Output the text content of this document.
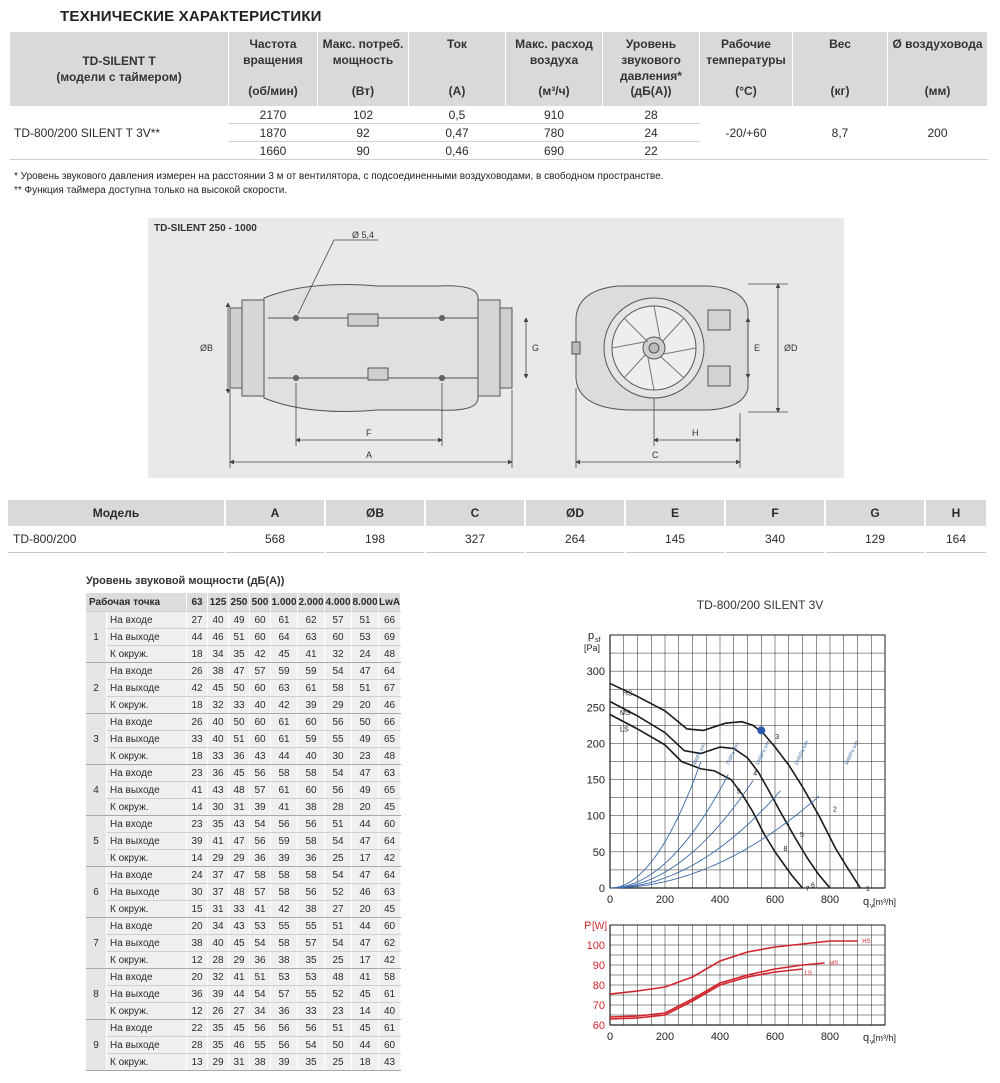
ТЕХНИЧЕСКИЕ ХАРАКТЕРИСТИКИ
TD-SILENT T
(модели с таймером)	Частота вращения	Макс. потреб. мощность	Ток	Макс. расход воздуха	Уровень звукового давления*	Рабочие температуры	Вес	Ø воздуховода
	(об/мин)	(Вт)	(А)	(м³/ч)	(дБ(А))	(°С)	(кг)	(мм)
TD-800/200 SILENT T 3V**	2170	102	0,5	910	28	-20/+60	8,7	200
	1870	92	0,47	780	24			
	1660	90	0,46	690	22			
* Уровень звукового давления измерен на расстоянии 3 м от вентилятора, с подсоединенными воздуховодами, в свободном пространстве.
** Функция таймера доступна только на высокой скорости.
TD-SILENT 250 - 1000
Ø 5,4
ØB	G
F
A
E	ØD
H
C
Модель	A	ØB	C	ØD	E	F	G	H
TD-800/200	568	198	327	264	145	340	129	164
Уровень звуковой мощности (дБ(А))
Рабочая точка		63	125	250	500	1.000	2.000	4.000	8.000	LwA
1	На входе	27	40	49	60	61	62	57	51	66
	На выходе	44	46	51	60	64	63	60	53	69
	К окруж.	18	34	35	42	45	41	32	24	48
2	На входе	26	38	47	57	59	59	54	47	64
	На выходе	42	45	50	60	63	61	58	51	67
	К окруж.	18	32	33	40	42	39	29	20	46
3	На входе	26	40	50	60	61	60	56	50	66
	На выходе	33	40	51	60	61	59	55	49	65
	К окруж.	18	33	36	43	44	40	30	23	48
4	На входе	23	36	45	56	58	58	54	47	63
	На выходе	41	43	48	57	61	60	56	49	65
	К окруж.	14	30	31	39	41	38	28	20	45
5	На входе	23	35	43	54	56	56	51	44	60
	На выходе	39	41	47	56	59	58	54	47	64
	К окруж.	14	29	29	36	39	36	25	17	42
6	На входе	24	37	47	58	58	58	54	47	64
	На выходе	30	37	48	57	58	56	52	46	63
	К окруж.	15	31	33	41	42	38	27	20	45
7	На входе	20	34	43	53	55	55	51	44	60
	На выходе	38	40	45	54	58	57	54	47	62
	К окруж.	12	28	29	36	38	35	25	17	42
8	На входе	20	32	41	51	53	53	48	41	58
	На выходе	36	39	44	54	57	55	52	45	61
	К окруж.	12	26	27	34	36	33	23	14	40
9	На входе	22	35	45	56	56	56	51	45	61
	На выходе	28	35	46	55	56	54	50	44	60
	К окруж.	13	29	31	38	39	35	25	18	43
TD-800/200 SILENT 3V
0	200	400	600	800
0
50
100
150
200
250
300
p sf
[Pa]
q v [m³/h]
400Pa s/m	750Pa s/m	1000Pa s/m	1500Pa s/m	3000Pa s/m
HS
MS
LS
1
2
3
4
5
6
7
8
9
0	200	400	600	800
60
70
80
90
100
P [W]
q v [m³/h]
HS
MS
LS
